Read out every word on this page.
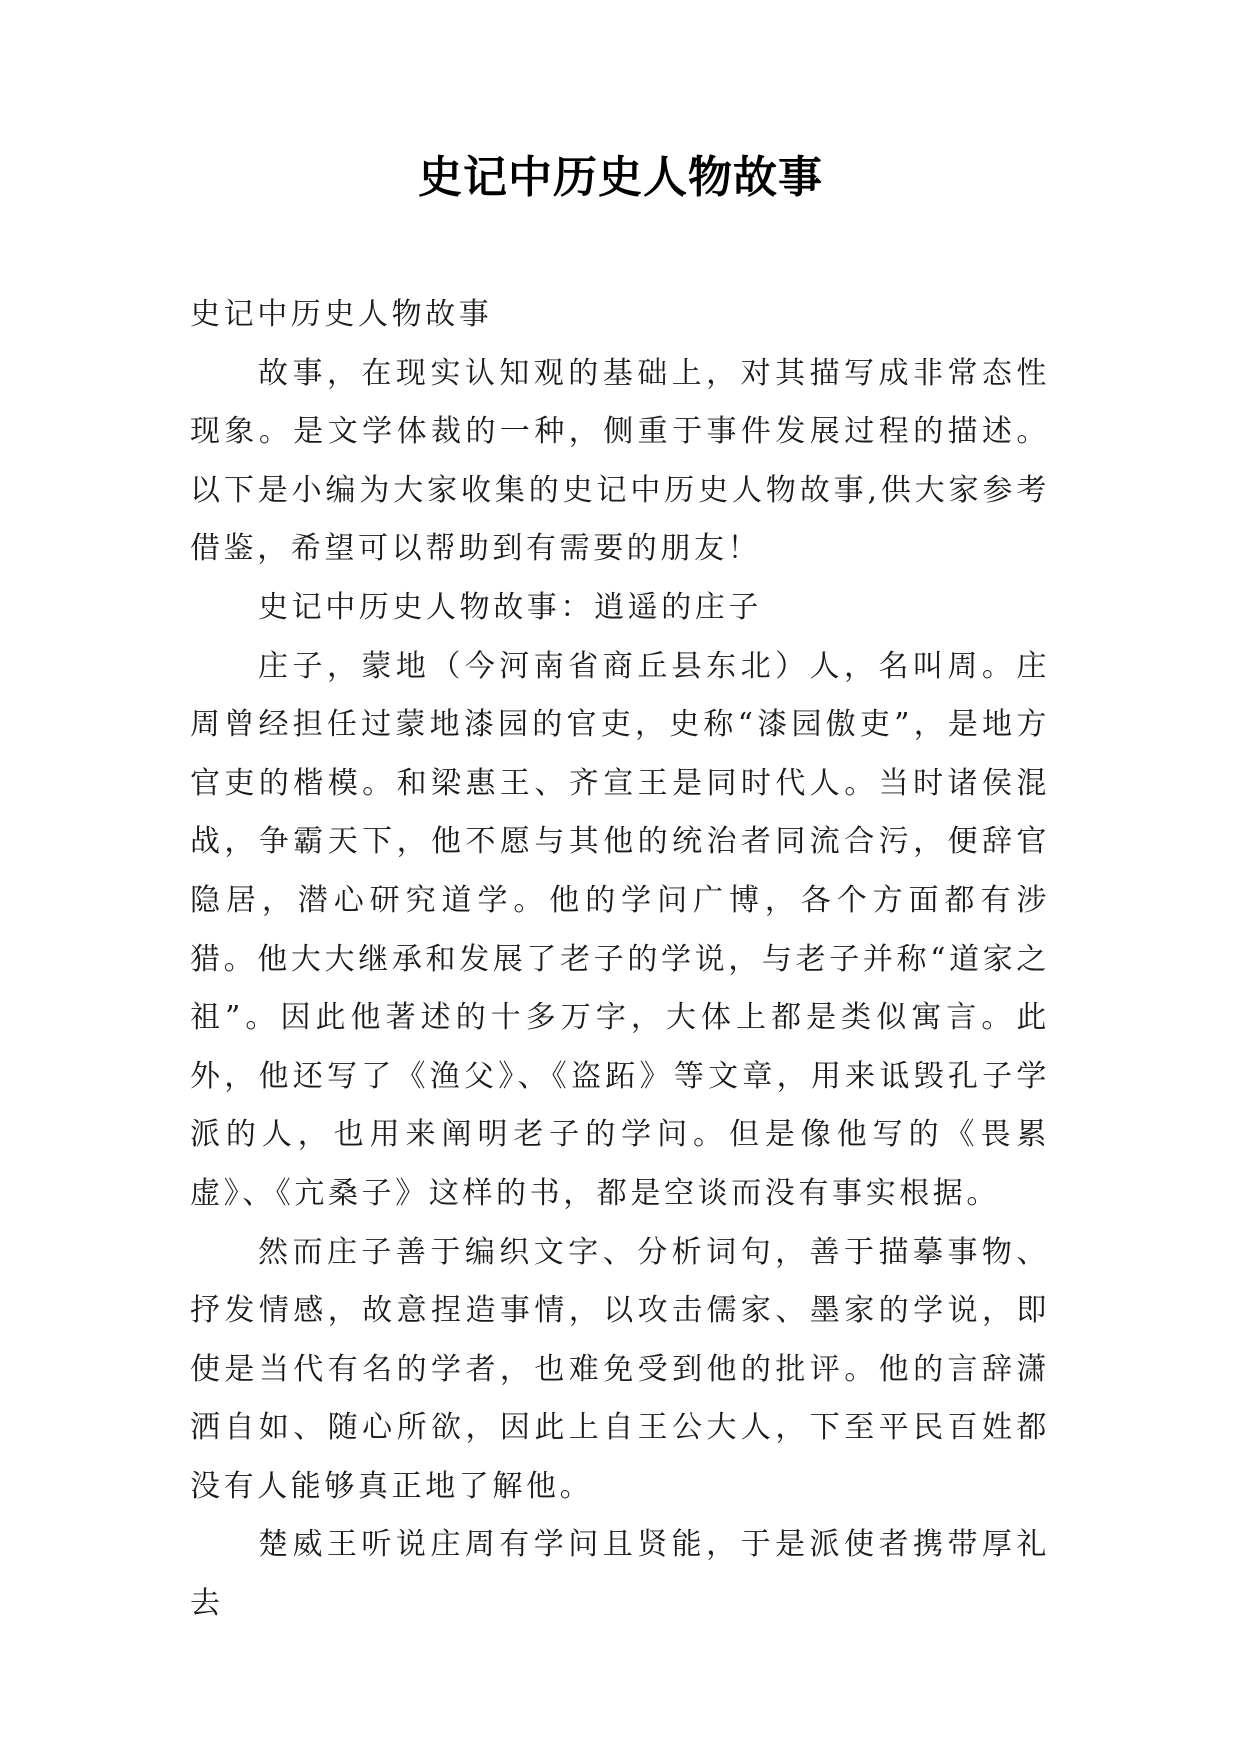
史记中历史人物故事

史记中历史人物故事

故事，在现实认知观的基础上，对其描写成非常态性现象。是文学体裁的一种，侧重于事件发展过程的描述。以下是小编为大家收集的史记中历史人物故事,供大家参考借鉴，希望可以帮助到有需要的朋友！

史记中历史人物故事：逍遥的庄子

庄子，蒙地（今河南省商丘县东北）人，名叫周。庄周曾经担任过蒙地漆园的官吏，史称“漆园傲吏”，是地方官吏的楷模。和梁惠王、齐宣王是同时代人。当时诸侯混战，争霸天下，他不愿与其他的统治者同流合污，便辞官隐居，潜心研究道学。他的学问广博，各个方面都有涉猎。他大大继承和发展了老子的学说，与老子并称“道家之祖”。因此他著述的十多万字，大体上都是类似寓言。此外，他还写了《渔父》、《盗跖》等文章，用来诋毁孔子学派的人，也用来阐明老子的学问。但是像他写的《畏累虚》、《亢桑子》这样的书，都是空谈而没有事实根据。

然而庄子善于编织文字、分析词句，善于描摹事物、抒发情感，故意捏造事情，以攻击儒家、墨家的学说，即使是当代有名的学者，也难免受到他的批评。他的言辞潇洒自如、随心所欲，因此上自王公大人，下至平民百姓都没有人能够真正地了解他。

楚威王听说庄周有学问且贤能，于是派使者携带厚礼去
